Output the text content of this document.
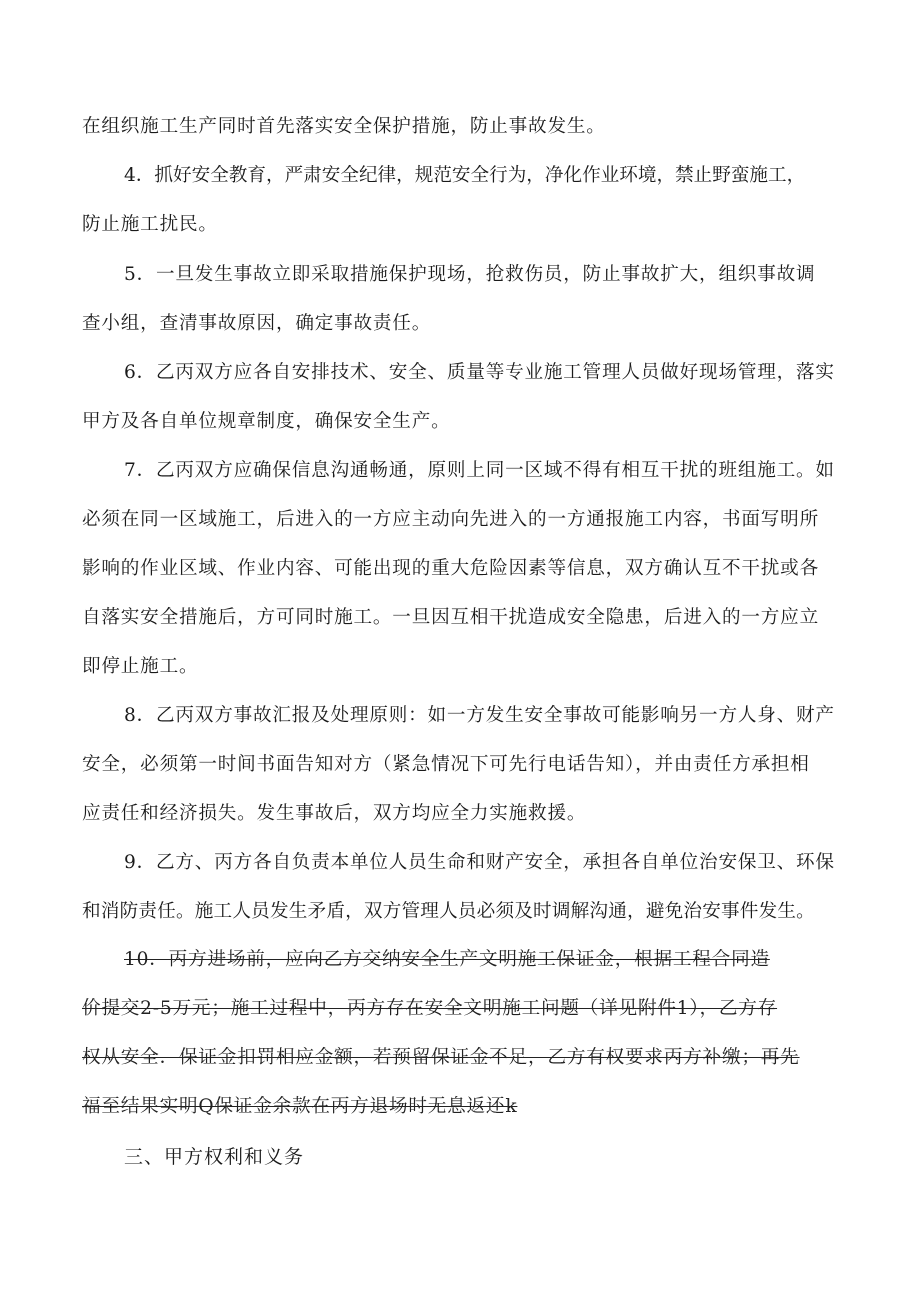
在组织施工生产同时首先落实安全保护措施，防止事故发生。
4．抓好安全教育，严肃安全纪律，规范安全行为，净化作业环境，禁止野蛮施工，
防止施工扰民。
5．一旦发生事故立即采取措施保护现场，抢救伤员，防止事故扩大，组织事故调
查小组，查清事故原因，确定事故责任。
6．乙丙双方应各自安排技术、安全、质量等专业施工管理人员做好现场管理，落实
甲方及各自单位规章制度，确保安全生产。
7．乙丙双方应确保信息沟通畅通，原则上同一区域不得有相互干扰的班组施工。如
必须在同一区域施工，后进入的一方应主动向先进入的一方通报施工内容，书面写明所
影响的作业区域、作业内容、可能出现的重大危险因素等信息，双方确认互不干扰或各
自落实安全措施后，方可同时施工。一旦因互相干扰造成安全隐患，后进入的一方应立
即停止施工。
8．乙丙双方事故汇报及处理原则：如一方发生安全事故可能影响另一方人身、财产
安全，必须第一时间书面告知对方（紧急情况下可先行电话告知），并由责任方承担相
应责任和经济损失。发生事故后，双方均应全力实施救援。
9．乙方、丙方各自负责本单位人员生命和财产安全，承担各自单位治安保卫、环保
和消防责任。施工人员发生矛盾，双方管理人员必须及时调解沟通，避免治安事件发生。
10．丙方进场前，应向乙方交纳安全生产文明施工保证金，根据工程合同造
价提交2-5万元；施工过程中，丙方存在安全文明施工问题（详见附件1），乙方存
权从安全．保证金扣罚相应金额，若预留保证金不足，乙方有权要求丙方补缴；再先
福至结果实明Q保证金余款在丙方退场时无息返还k
三、甲方权利和义务
